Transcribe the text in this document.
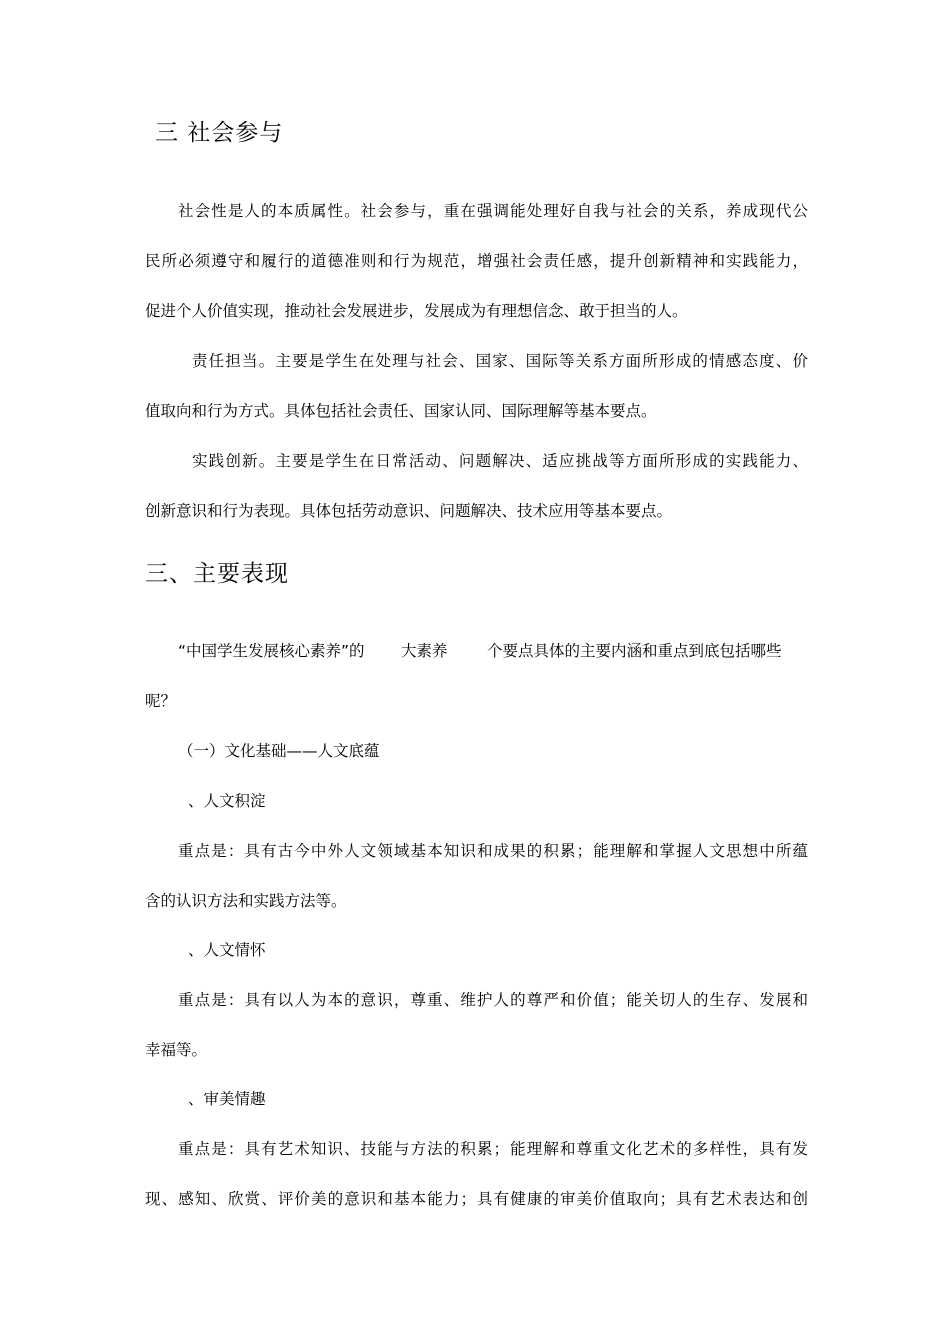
三 社会参与
社会性是人的本质属性。社会参与，重在强调能处理好自我与社会的关系，养成现代公
民所必须遵守和履行的道德准则和行为规范，增强社会责任感，提升创新精神和实践能力，
促进个人价值实现，推动社会发展进步，发展成为有理想信念、敢于担当的人。
责任担当。主要是学生在处理与社会、国家、国际等关系方面所形成的情感态度、价
值取向和行为方式。具体包括社会责任、国家认同、国际理解等基本要点。
实践创新。主要是学生在日常活动、问题解决、适应挑战等方面所形成的实践能力、
创新意识和行为表现。具体包括劳动意识、问题解决、技术应用等基本要点。
三、主要表现
“中国学生发展核心素养”的 大素养	个要点具体的主要内涵和重点到底包括哪些
呢？
（一）文化基础——人文底蕴
、人文积淀
重点是：具有古今中外人文领域基本知识和成果的积累；能理解和掌握人文思想中所蕴
含的认识方法和实践方法等。
、人文情怀
重点是：具有以人为本的意识，尊重、维护人的尊严和价值；能关切人的生存、发展和
幸福等。
、审美情趣
重点是：具有艺术知识、技能与方法的积累；能理解和尊重文化艺术的多样性，具有发
现、感知、欣赏、评价美的意识和基本能力；具有健康的审美价值取向；具有艺术表达和创
